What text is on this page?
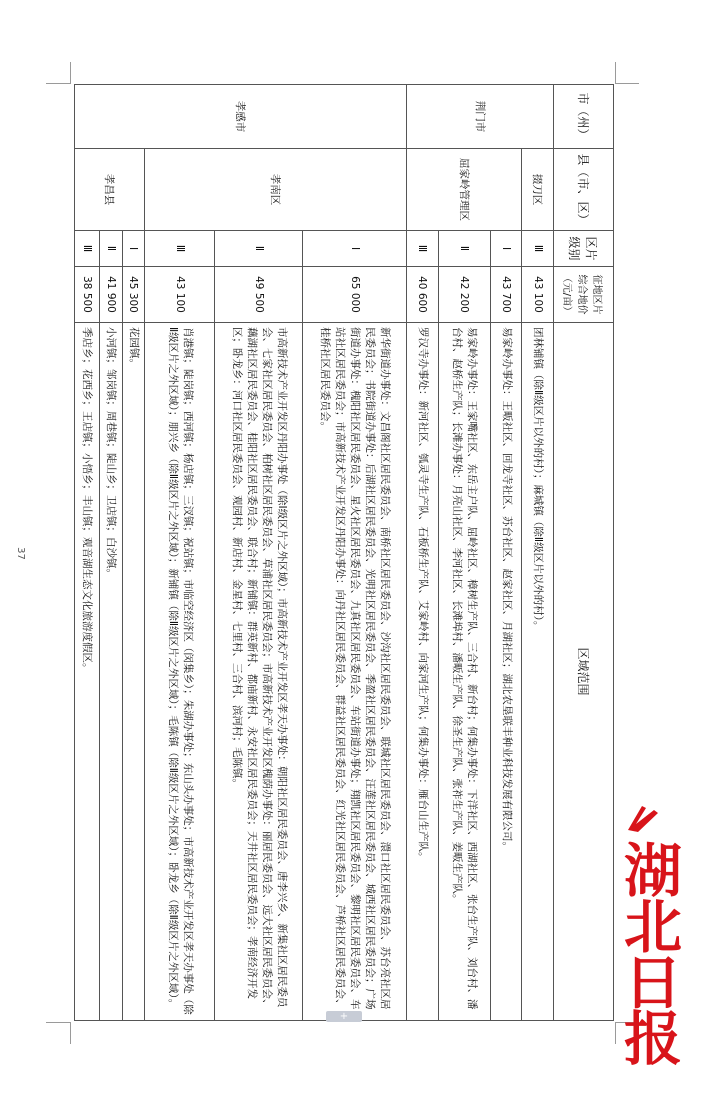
37
市（州）	县（市、区）	区片级别	征地区片综合地价（元/亩）	区域范围
荆门市	掇刀区	Ⅲ	43 100	团林铺镇（除Ⅱ级区片以外的村）；麻城镇（除Ⅱ级区片以外的村）。
	屈家岭管理区	Ⅰ	43 700	易家岭办事处：王畈社区、回龙寺社区、苏台社区、赵家社区、月湖社区；湖北农垦联丰种业科技发展有限公司。
		Ⅱ	42 200	易家岭办事处：王家嘴社区、东岳主户队、屈岭社区、樟树生产队、三合村、新台村；何集办事处：下洋社区、西湖社区、张台生产队、刘台村、潘台村、赵桥生产队；长滩办事处：月亮山社区、李河社区、长滩埠村、潘畈生产队、徐圣生产队、张祚生产队、姜畈生产队。
		Ⅲ	40 600	罗汉寺办事处：新河社区、瓠灵寺生产队、石板桥生产队、艾家岭村、向家河生产队；何集办事处：雁台山生产队。
孝感市	孝南区	Ⅰ	65 000	新华街道办事处：文昌阁社区居民委员会、南桥社区居民委员会、沙沟社区居民委员会、联城社区居民委员会、澴口社区居民委员会、苏台亮社区居民委员会；书院街道办事处：后湖社区居民委员会、光明社区居民委员会、季盈社区居民委员会、汪莲社区居民委员会、城西社区居民委员会；广场街道办事处：槐阳社区居民委员会、星火社区居民委员会、九真社区居民委员会、车站街道办事处；翔凯社区居民委员会、黎明社区居民委员会、车站社区居民委员会；市高新技术产业开发区丹阳办事处：向丹社区居民委员会、群益社区居民委员会、红光社区居民委员会、芦桥社区居民委员会、桂桥社区居民委员会。
		Ⅱ	49 500	市高新技术产业开发区丹阳办事处（除Ⅰ级区片之外区域）；市高新技术产业开发区孝天办事处：朝阳社区居民委员会、唐李兴乡、新集社区居民委员会、七家社区居民委员会、柏树社区居民委员会、草浦社区居民委员会；市高新技术产业开发区槐荫办事处：丽居民委员会、远大社区居民委员会、藕湖社区居民委员会、桂阳社区居民委员会、联合村；新铺镇：群英新村、都庙新村、永安社区居民委员会；天井社区居民委员会；孝南经济开发区；卧龙乡：河口社区居民委员会、观园村、新店村、金星村、七里村、三合村、滨河村；毛陈镇。
		Ⅲ	43 100	肖港镇；陡岗镇；西河镇；杨店镇；三汊镇；祝站镇；市临空经济区（闵集乡）；朱湖办事处；东山头办事处；市高新技术产业开发区孝天办事处（除Ⅱ级区片之外区域）；朋兴乡（除Ⅱ级区片之外区域）；新铺镇（除Ⅱ级区片之外区域）；毛陈镇（除Ⅱ级区片之外区域）；卧龙乡（除Ⅱ级区片之外区域）。
	孝昌县	Ⅰ	45 300	花园镇。
		Ⅱ	41 900	小河镇；邹岗镇；周巷镇；陡山乡；卫店镇；白沙镇。
		Ⅲ	38 500	季店乡；花西乡；王店镇；小悟乡；丰山镇；观音湖生态文化旅游度假区。
+	湖北日报
